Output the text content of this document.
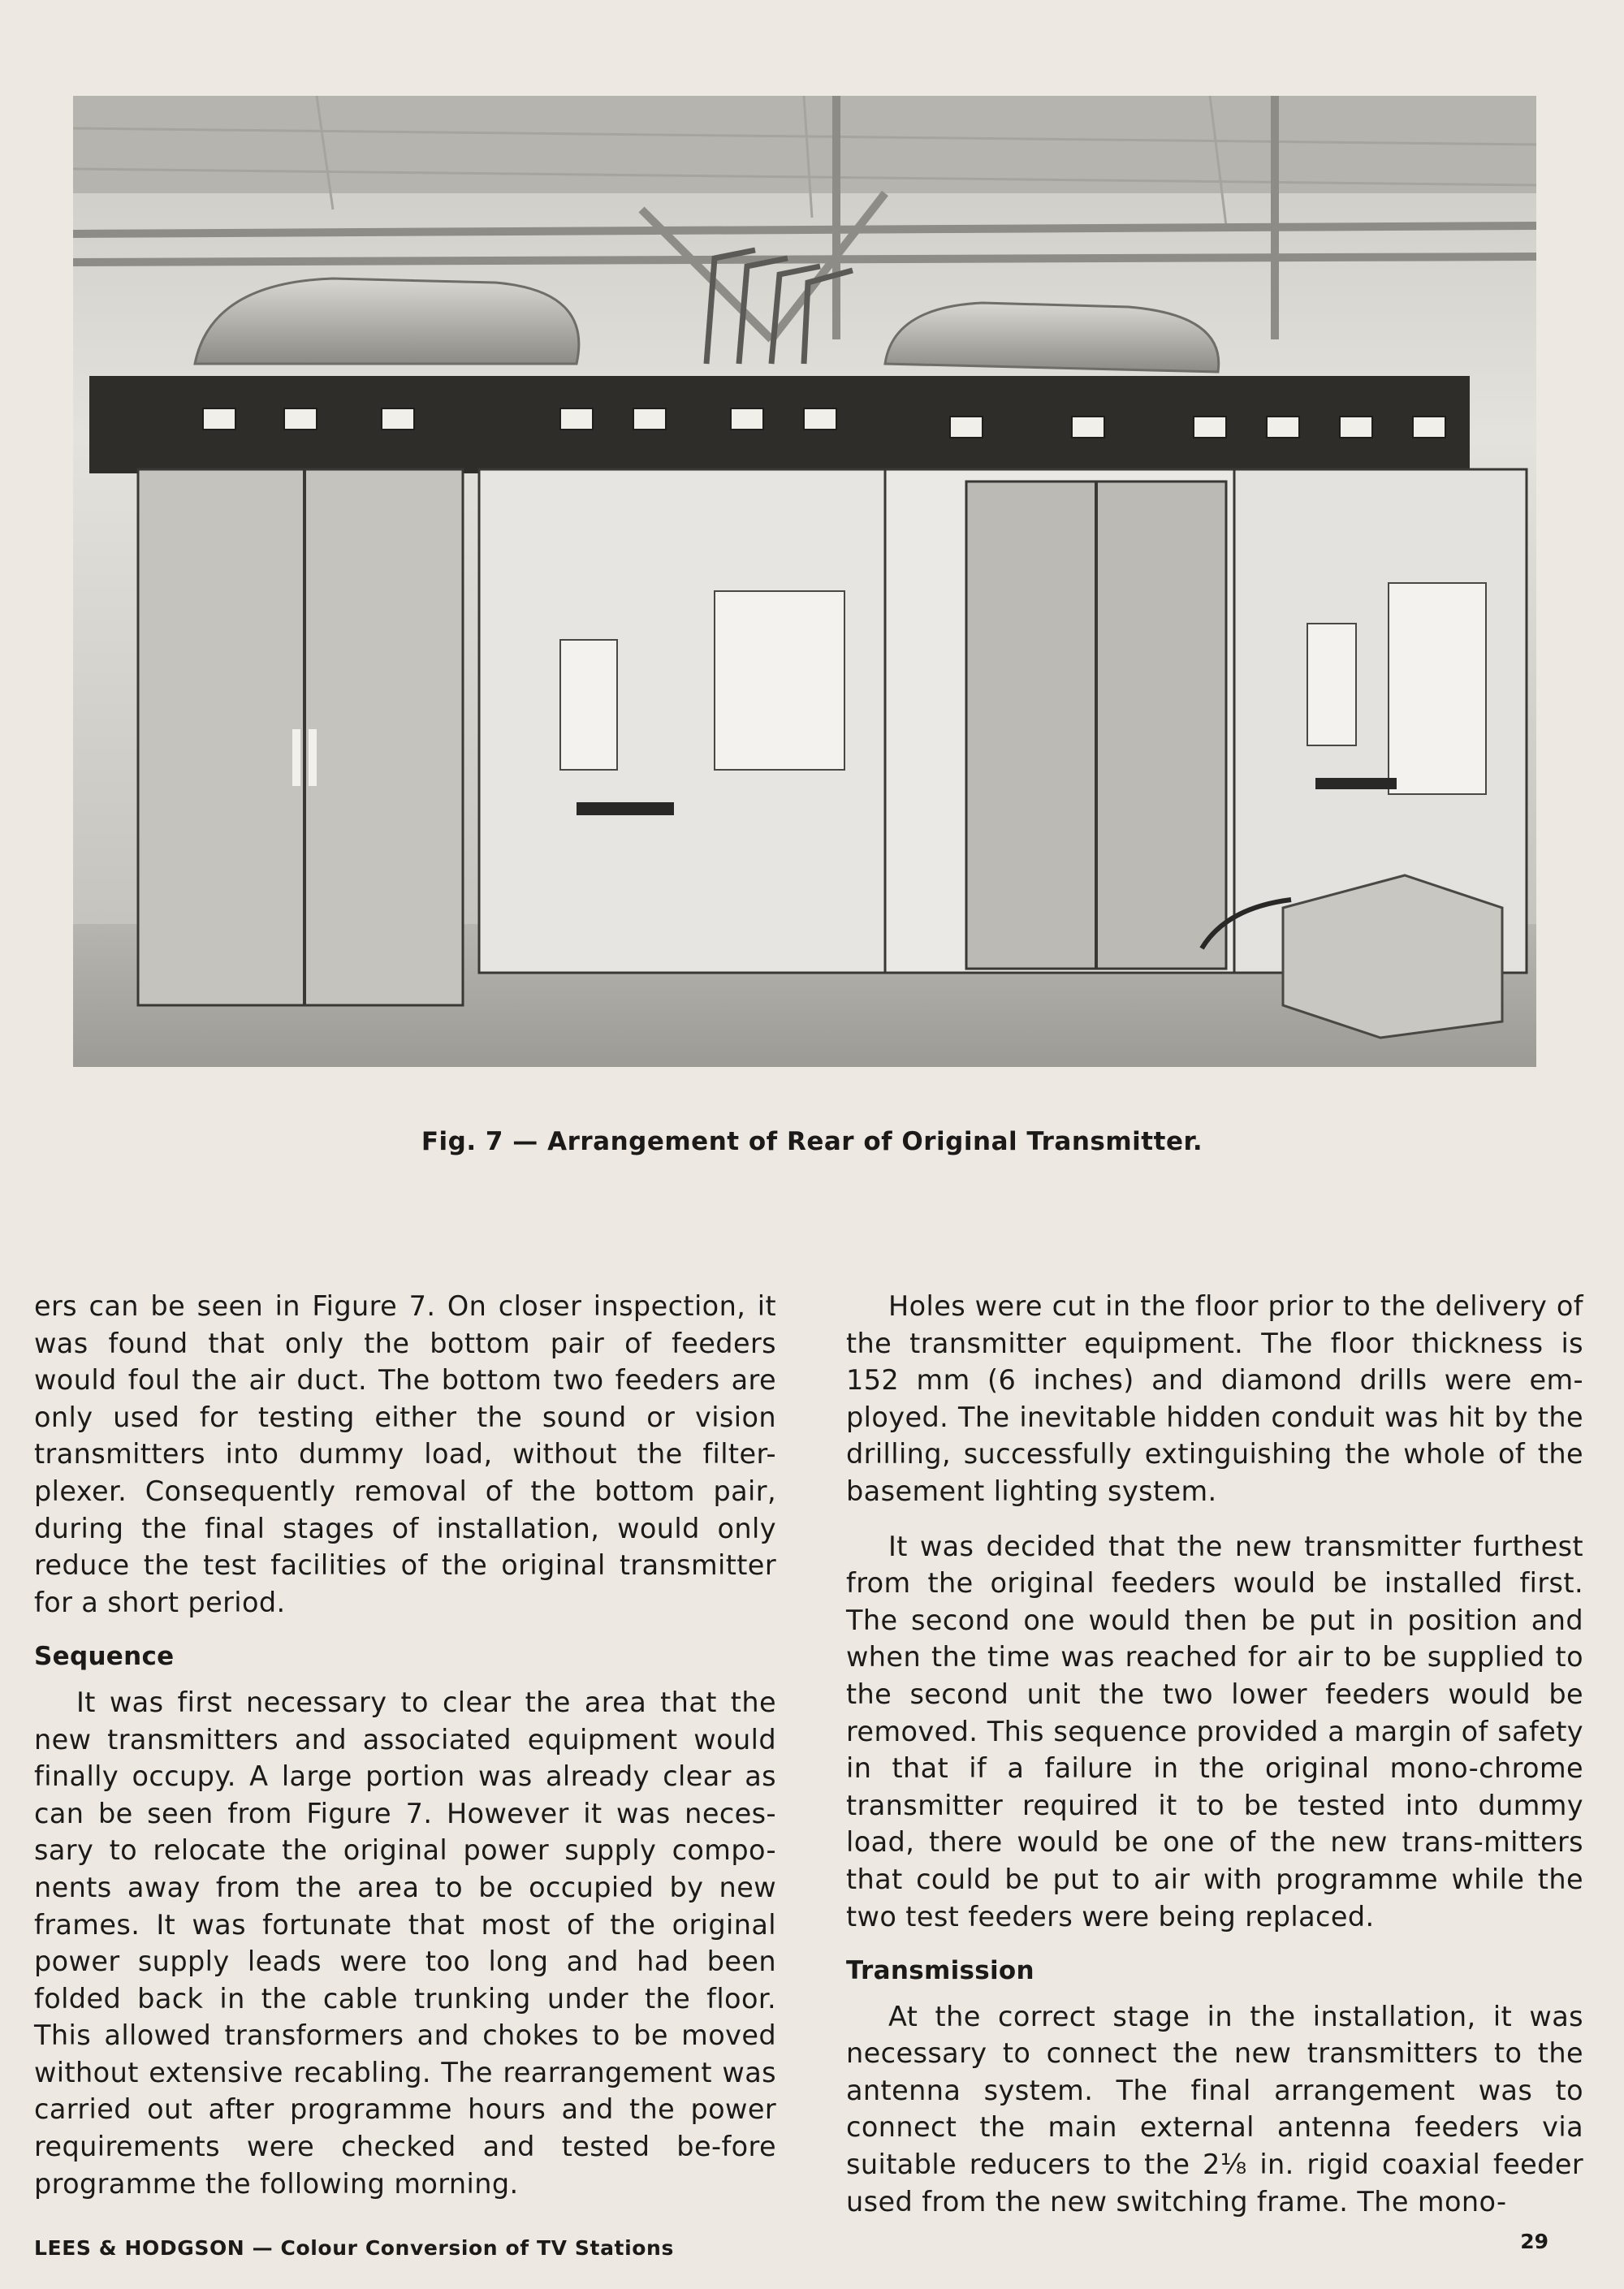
Fig. 7 — Arrangement of Rear of Original Transmitter.

ers can be seen in Figure 7. On closer inspection, it was found that only the bottom pair of feeders would foul the air duct. The bottom two feeders are only used for testing either the sound or vision transmitters into dummy load, without the filter-plexer. Consequently removal of the bottom pair, during the final stages of installation, would only reduce the test facilities of the original transmitter for a short period.

Sequence

It was first necessary to clear the area that the new transmitters and associated equipment would finally occupy. A large portion was already clear as can be seen from Figure 7. However it was neces-sary to relocate the original power supply compo-nents away from the area to be occupied by new frames. It was fortunate that most of the original power supply leads were too long and had been folded back in the cable trunking under the floor. This allowed transformers and chokes to be moved without extensive recabling. The rearrangement was carried out after programme hours and the power requirements were checked and tested be-fore programme the following morning.

Holes were cut in the floor prior to the delivery of the transmitter equipment. The floor thickness is 152 mm (6 inches) and diamond drills were em-ployed. The inevitable hidden conduit was hit by the drilling, successfully extinguishing the whole of the basement lighting system.

It was decided that the new transmitter furthest from the original feeders would be installed first. The second one would then be put in position and when the time was reached for air to be supplied to the second unit the two lower feeders would be removed. This sequence provided a margin of safety in that if a failure in the original mono-chrome transmitter required it to be tested into dummy load, there would be one of the new trans-mitters that could be put to air with programme while the two test feeders were being replaced.

Transmission

At the correct stage in the installation, it was necessary to connect the new transmitters to the antenna system. The final arrangement was to connect the main external antenna feeders via suitable reducers to the 2⅛ in. rigid coaxial feeder used from the new switching frame. The mono-

LEES & HODGSON — Colour Conversion of TV Stations	29
